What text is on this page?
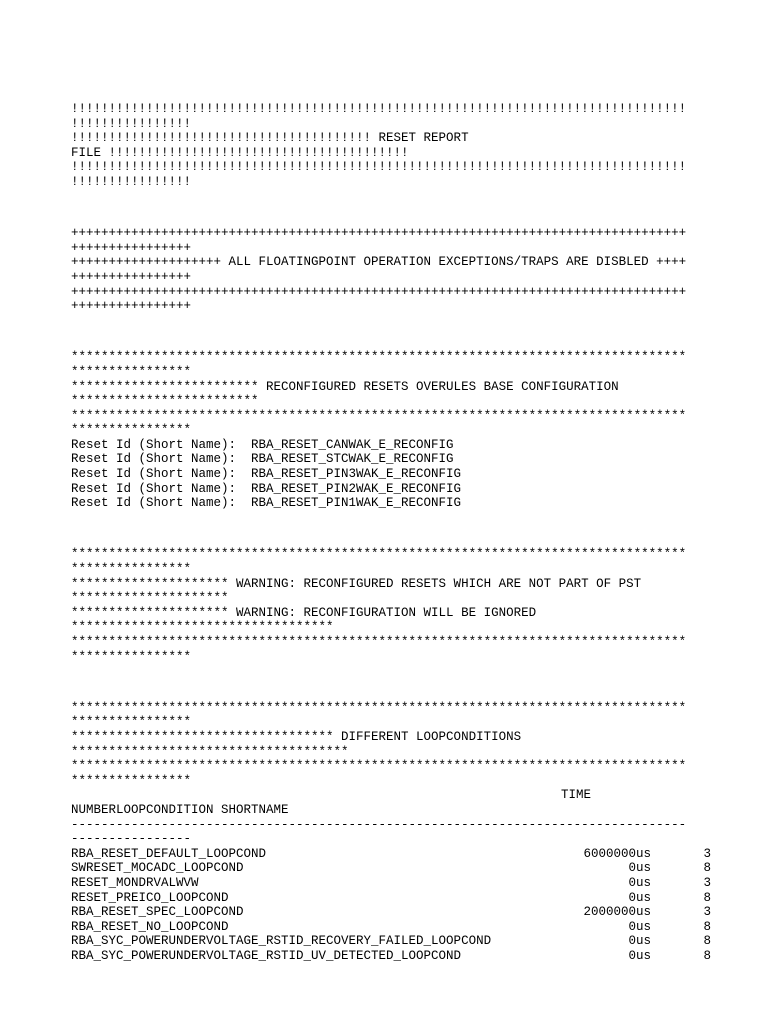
!!!!!!!!!!!!!!!!!!!!!!!!!!!!!!!!!!!!!!!!!!!!!!!!!!!!!!!!!!!!!!!!!!!!!!!!!!!!!!!!!!
!!!!!!!!!!!!!!!!
!!!!!!!!!!!!!!!!!!!!!!!!!!!!!!!!!!!!!!!! RESET REPORT
FILE !!!!!!!!!!!!!!!!!!!!!!!!!!!!!!!!!!!!!!!!
!!!!!!!!!!!!!!!!!!!!!!!!!!!!!!!!!!!!!!!!!!!!!!!!!!!!!!!!!!!!!!!!!!!!!!!!!!!!!!!!!!
!!!!!!!!!!!!!!!!
++++++++++++++++++++++++++++++++++++++++++++++++++++++++++++++++++++++++++++++++++
++++++++++++++++
++++++++++++++++++++ ALL FLOATINGPOINT OPERATION EXCEPTIONS/TRAPS ARE DISBLED ++++
++++++++++++++++
++++++++++++++++++++++++++++++++++++++++++++++++++++++++++++++++++++++++++++++++++
++++++++++++++++
**********************************************************************************
****************
************************* RECONFIGURED RESETS OVERULES BASE CONFIGURATION
*************************
**********************************************************************************
****************
Reset Id (Short Name):  RBA_RESET_CANWAK_E_RECONFIG
Reset Id (Short Name):  RBA_RESET_STCWAK_E_RECONFIG
Reset Id (Short Name):  RBA_RESET_PIN3WAK_E_RECONFIG
Reset Id (Short Name):  RBA_RESET_PIN2WAK_E_RECONFIG
Reset Id (Short Name):  RBA_RESET_PIN1WAK_E_RECONFIG
**********************************************************************************
****************
********************* WARNING: RECONFIGURED RESETS WHICH ARE NOT PART OF PST
*********************
********************* WARNING: RECONFIGURATION WILL BE IGNORED
***********************************
**********************************************************************************
****************
**********************************************************************************
****************
*********************************** DIFFERENT LOOPCONDITIONS
*************************************
**********************************************************************************
****************

LOOPCONDITION SHORTNAME

TIME

NUMBER
----------------------------------------------------------------------------------
----------------
RBA_RESET_DEFAULT_LOOPCOND	6000000us	3
SWRESET_MOCADC_LOOPCOND	0us	8
RESET_MONDRVALWVW	0us	3
RESET_PREICO_LOOPCOND	0us	8
RBA_RESET_SPEC_LOOPCOND	2000000us	3
RBA_RESET_NO_LOOPCOND	0us	8
RBA_SYC_POWERUNDERVOLTAGE_RSTID_RECOVERY_FAILED_LOOPCOND	0us	8
RBA_SYC_POWERUNDERVOLTAGE_RSTID_UV_DETECTED_LOOPCOND	0us	8
